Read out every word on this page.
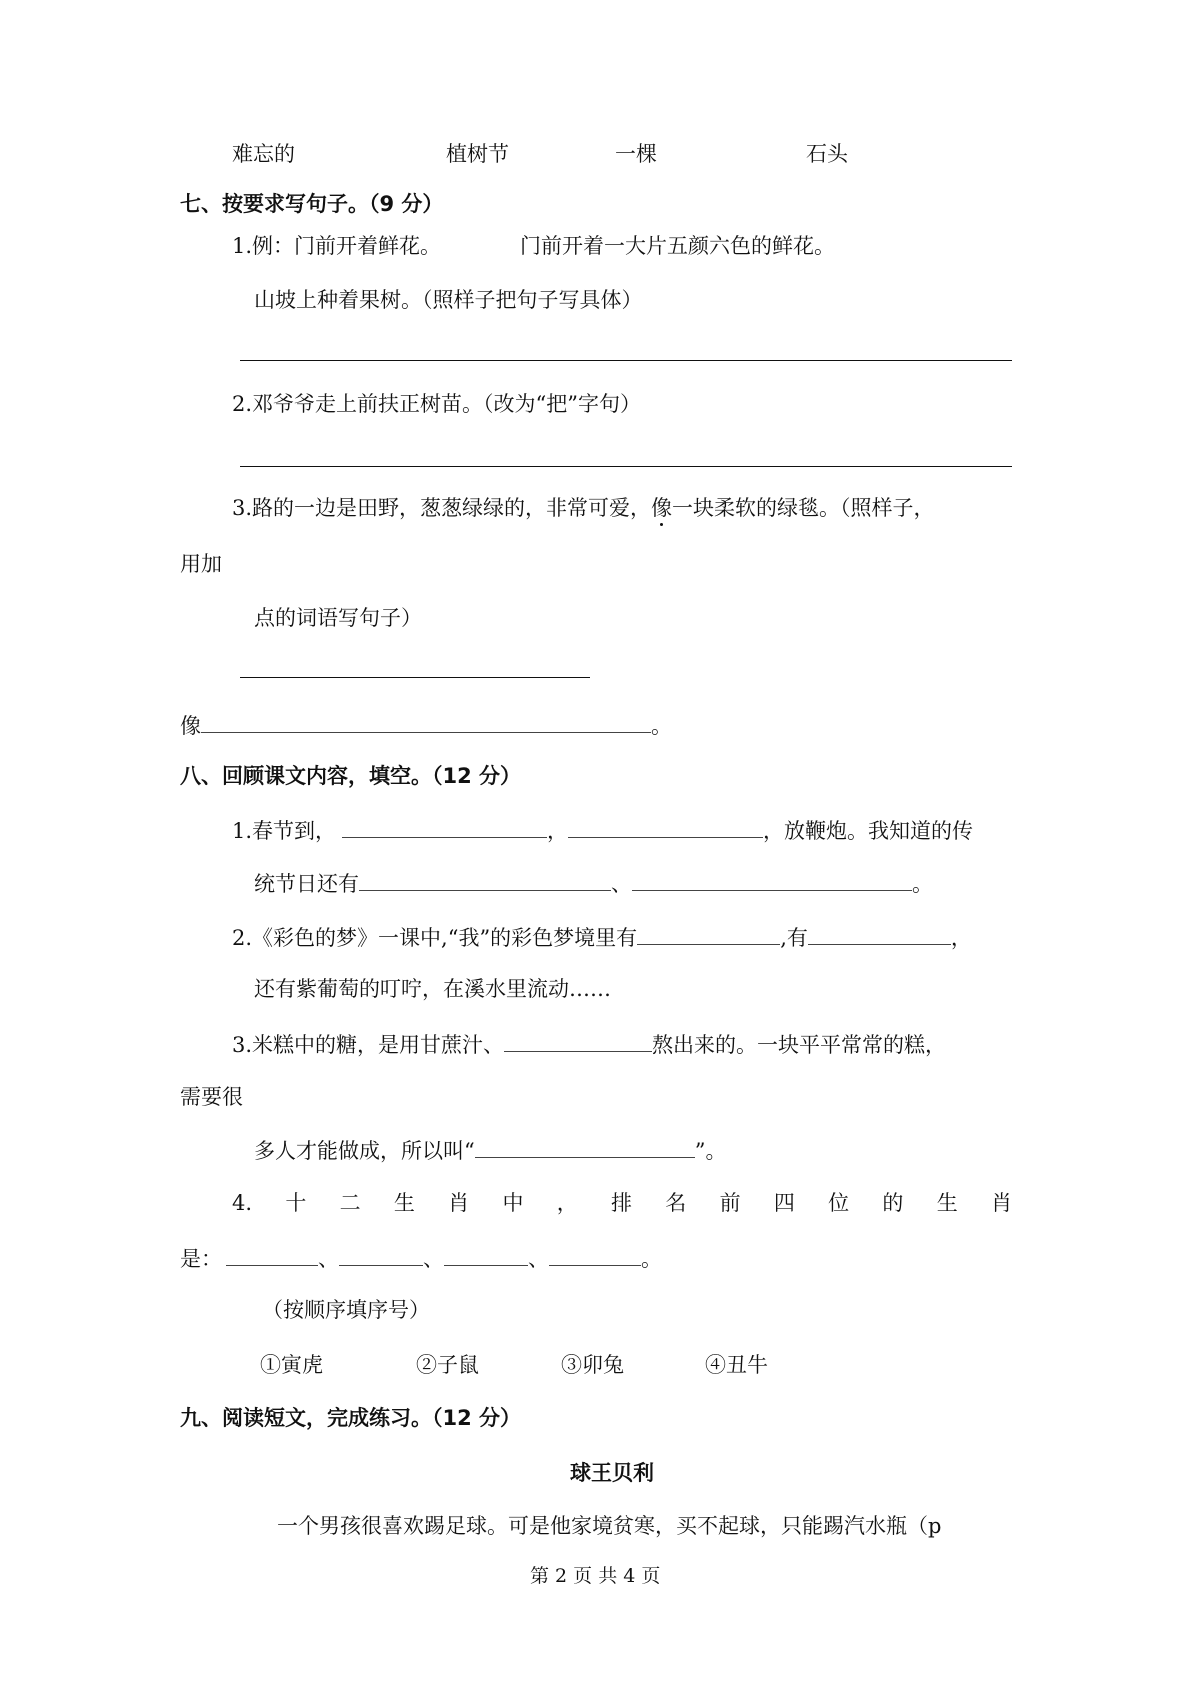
难忘的	植树节	一棵	石头
七、按要求写句子。（9 分）
1.例：门前开着鲜花。	门前开着一大片五颜六色的鲜花。
山坡上种着果树。（照样子把句子写具体）
2.邓爷爷走上前扶正树苗。（改为“把”字句）
3.路的一边是田野，葱葱绿绿的，非常可爱，像一块柔软的绿毯。（照样子，
用加
点的词语写句子）
像	。
八、回顾课文内容，填空。（12 分）
1.春节到，	，	，放鞭炮。我知道的传
统节日还有	、	。
2.《彩色的梦》一课中,“我”的彩色梦境里有	,有	，
还有紫葡萄的叮咛，在溪水里流动……
3.米糕中的糖，是用甘蔗汁、	熬出来的。一块平平常常的糕，
需要很
多人才能做成，所以叫“	”。
4. 十 二 生 肖 中 ， 排 名 前 四 位 的 生 肖
是：	、	、	、	。
（按顺序填序号）
①寅虎	②子鼠	③卯兔	④丑牛
九、阅读短文，完成练习。（12 分）
球王贝利
一个男孩很喜欢踢足球。可是他家境贫寒，买不起球，只能踢汽水瓶（p
第 2 页 共 4 页
